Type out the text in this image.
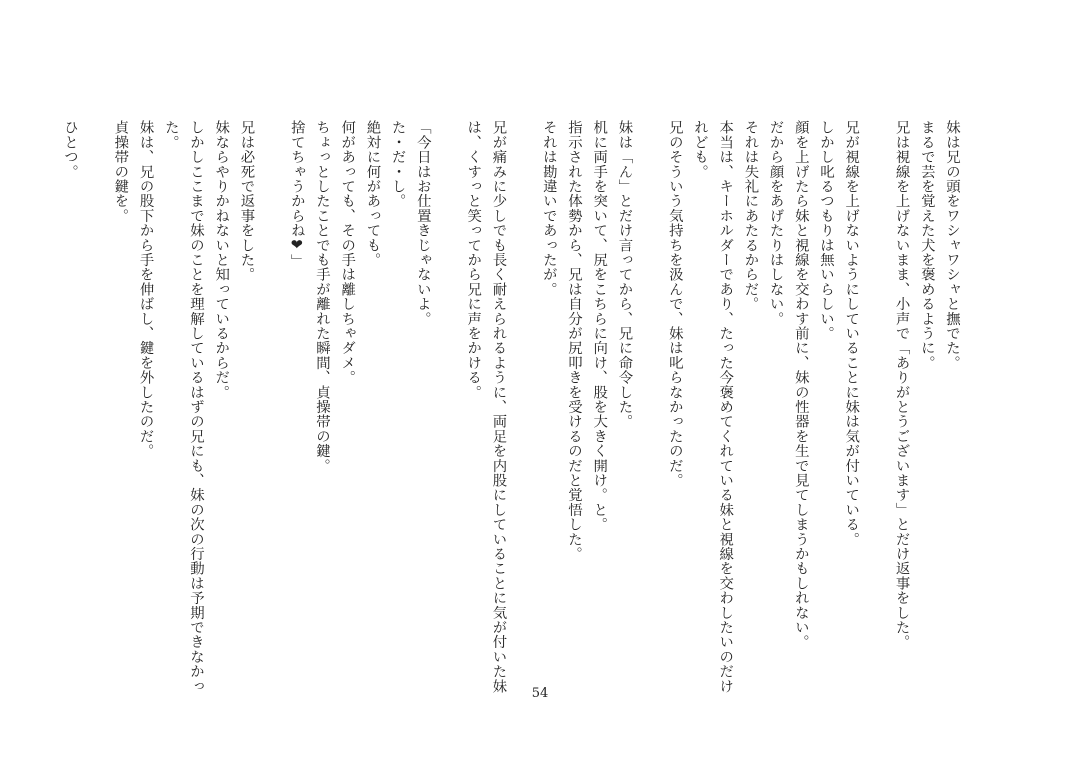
妹は兄の頭をワシャワシャと撫でた。
まるで芸を覚えた犬を褒めるように。
兄は視線を上げないまま、小声で「ありがとうございます」とだけ返事をした。
兄が視線を上げないようにしていることに妹は気が付いている。
しかし叱るつもりは無いらしい。
顔を上げたら妹と視線を交わす前に、妹の性器を生で見てしまうかもしれない。
だから顔をあげたりはしない。
それは失礼にあたるからだ。
本当は、キーホルダーであり、たった今褒めてくれている妹と視線を交わしたいのだけ
れども。
兄のそういう気持ちを汲んで、妹は叱らなかったのだ。
妹は「ん」とだけ言ってから、兄に命令した。
机に両手を突いて、尻をこちらに向け、股を大きく開け。と。
指示された体勢から、兄は自分が尻叩きを受けるのだと覚悟した。
それは勘違いであったが。
兄が痛みに少しでも長く耐えられるように、両足を内股にしていることに気が付いた妹
は、くすっと笑ってから兄に声をかける。
「今日はお仕置きじゃないよ。
た・だ・し。
絶対に何があっても。
何があっても、その手は離しちゃダメ。
ちょっとしたことでも手が離れた瞬間、貞操帯の鍵。
捨てちゃうからね❤」
兄は必死で返事をした。
妹ならやりかねないと知っているからだ。
しかしここまで妹のことを理解しているはずの兄にも、妹の次の行動は予期できなかっ
た。
妹は、兄の股下から手を伸ばし、鍵を外したのだ。
貞操帯の鍵を。
ひとつ。
54
